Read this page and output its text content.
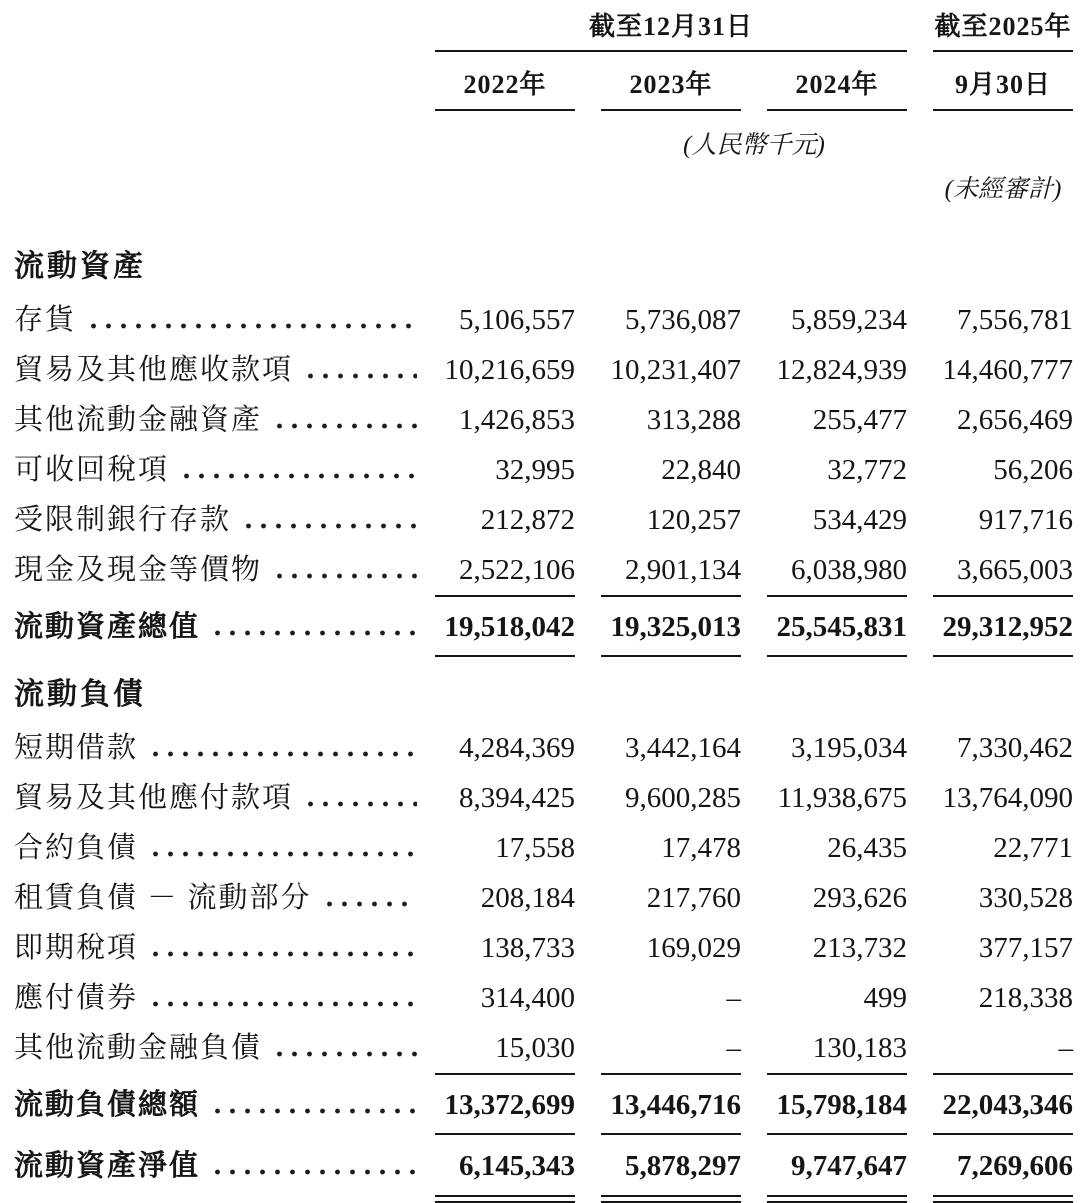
截至12月31日	截至2025年
2022年	2023年	2024年	9月30日
(人民幣千元)
(未經審計)
流動資產
存貨	5,106,557	5,736,087	5,859,234	7,556,781
貿易及其他應收款項	10,216,659	10,231,407	12,824,939	14,460,777
其他流動金融資產	1,426,853	313,288	255,477	2,656,469
可收回稅項	32,995	22,840	32,772	56,206
受限制銀行存款	212,872	120,257	534,429	917,716
現金及現金等價物	2,522,106	2,901,134	6,038,980	3,665,003
流動資產總值	19,518,042	19,325,013	25,545,831	29,312,952
流動負債
短期借款	4,284,369	3,442,164	3,195,034	7,330,462
貿易及其他應付款項	8,394,425	9,600,285	11,938,675	13,764,090
合約負債	17,558	17,478	26,435	22,771
租賃負債 － 流動部分	208,184	217,760	293,626	330,528
即期稅項	138,733	169,029	213,732	377,157
應付債券	314,400	–	499	218,338
其他流動金融負債	15,030	–	130,183	–
流動負債總額	13,372,699	13,446,716	15,798,184	22,043,346
流動資產淨值	6,145,343	5,878,297	9,747,647	7,269,606
